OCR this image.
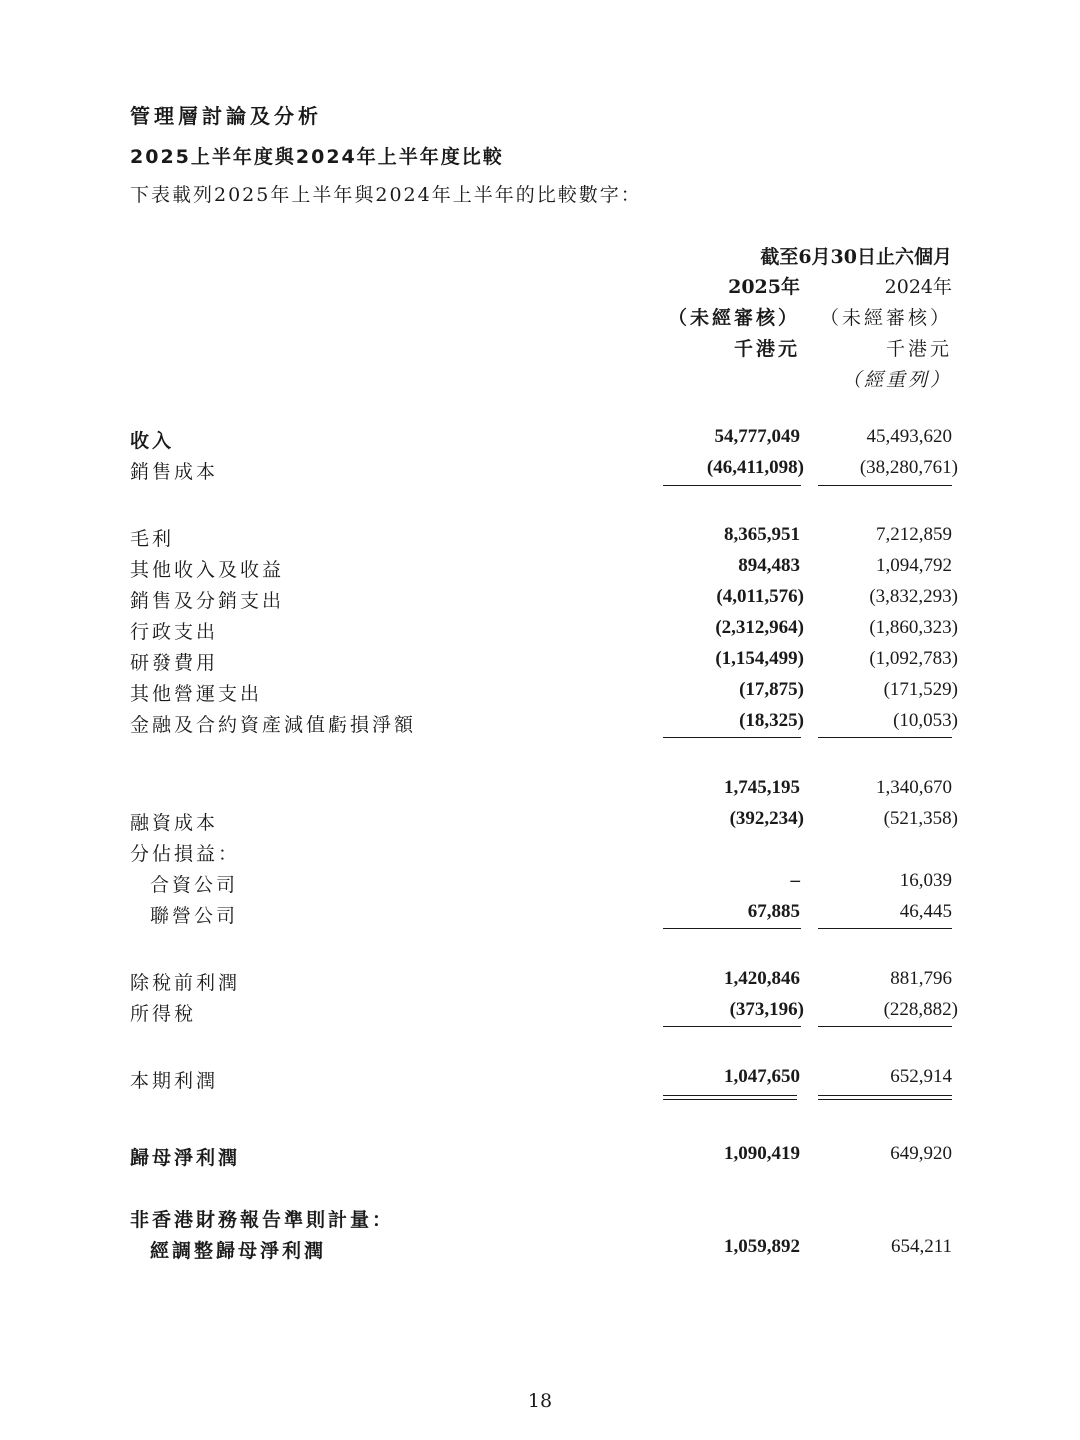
管理層討論及分析
2025上半年度與2024年上半年度比較
下表載列2025年上半年與2024年上半年的比較數字：
截至6月30日止六個月
2025年	2024年
（未經審核） （未經審核）
千港元	千港元
（經重列）
收入	54,777,049	45,493,620
銷售成本	(46,411,098)	(38,280,761)
毛利	8,365,951	7,212,859
其他收入及收益	894,483	1,094,792
銷售及分銷支出	(4,011,576)	(3,832,293)
行政支出	(2,312,964)	(1,860,323)
研發費用	(1,154,499)	(1,092,783)
其他營運支出	(17,875)	(171,529)
金融及合約資產減值虧損淨額	(18,325)	(10,053)
1,745,195	1,340,670
融資成本	(392,234)	(521,358)
分佔損益：
合資公司	–	16,039
聯營公司	67,885	46,445
除稅前利潤	1,420,846	881,796
所得稅	(373,196)	(228,882)
本期利潤	1,047,650	652,914
歸母淨利潤	1,090,419	649,920
非香港財務報告準則計量：
經調整歸母淨利潤	1,059,892	654,211
18
